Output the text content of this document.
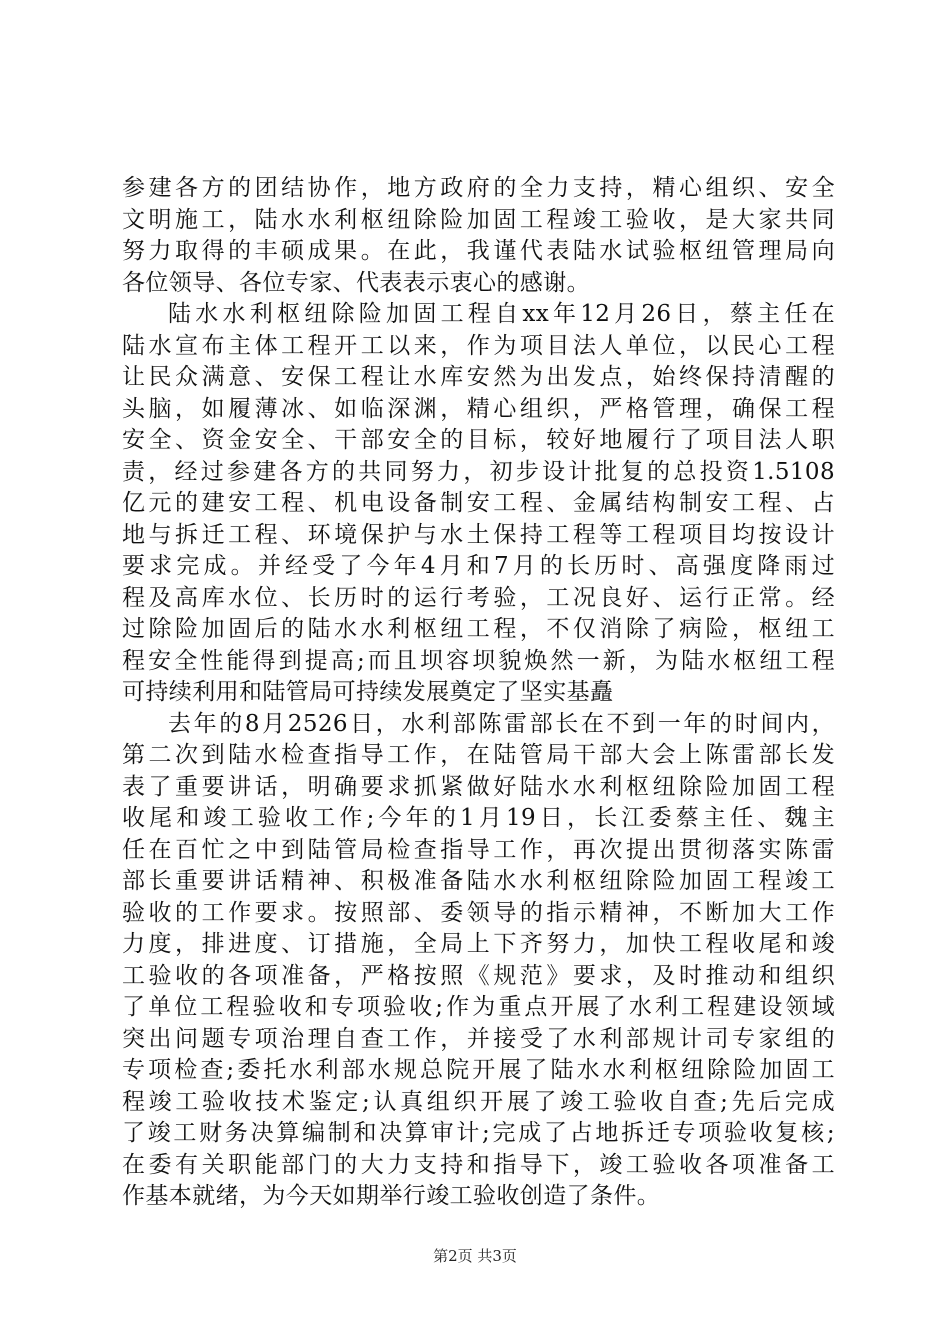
参建各方的团结协作，地方政府的全力支持，精心组织、安全
文明施工，陆水水利枢纽除险加固工程竣工验收，是大家共同
努力取得的丰硕成果。在此，我谨代表陆水试验枢纽管理局向
各位领导、各位专家、代表表示衷心的感谢。
陆水水利枢纽除险加固工程自xx年12月26日，蔡主任在
陆水宣布主体工程开工以来，作为项目法人单位，以民心工程
让民众满意、安保工程让水库安然为出发点，始终保持清醒的
头脑，如履薄冰、如临深渊，精心组织，严格管理，确保工程
安全、资金安全、干部安全的目标，较好地履行了项目法人职
责，经过参建各方的共同努力，初步设计批复的总投资1.5108
亿元的建安工程、机电设备制安工程、金属结构制安工程、占
地与拆迁工程、环境保护与水土保持工程等工程项目均按设计
要求完成。并经受了今年4月和7月的长历时、高强度降雨过
程及高库水位、长历时的运行考验，工况良好、运行正常。经
过除险加固后的陆水水利枢纽工程，不仅消除了病险，枢纽工
程安全性能得到提高;而且坝容坝貌焕然一新，为陆水枢纽工程
可持续利用和陆管局可持续发展奠定了坚实基矗
去年的8月2526日，水利部陈雷部长在不到一年的时间内，
第二次到陆水检查指导工作，在陆管局干部大会上陈雷部长发
表了重要讲话，明确要求抓紧做好陆水水利枢纽除险加固工程
收尾和竣工验收工作;今年的1月19日，长江委蔡主任、魏主
任在百忙之中到陆管局检查指导工作，再次提出贯彻落实陈雷
部长重要讲话精神、积极准备陆水水利枢纽除险加固工程竣工
验收的工作要求。按照部、委领导的指示精神，不断加大工作
力度，排进度、订措施，全局上下齐努力，加快工程收尾和竣
工验收的各项准备，严格按照《规范》要求，及时推动和组织
了单位工程验收和专项验收;作为重点开展了水利工程建设领域
突出问题专项治理自查工作，并接受了水利部规计司专家组的
专项检查;委托水利部水规总院开展了陆水水利枢纽除险加固工
程竣工验收技术鉴定;认真组织开展了竣工验收自查;先后完成
了竣工财务决算编制和决算审计;完成了占地拆迁专项验收复核;
在委有关职能部门的大力支持和指导下，竣工验收各项准备工
作基本就绪，为今天如期举行竣工验收创造了条件。
第2页 共3页
